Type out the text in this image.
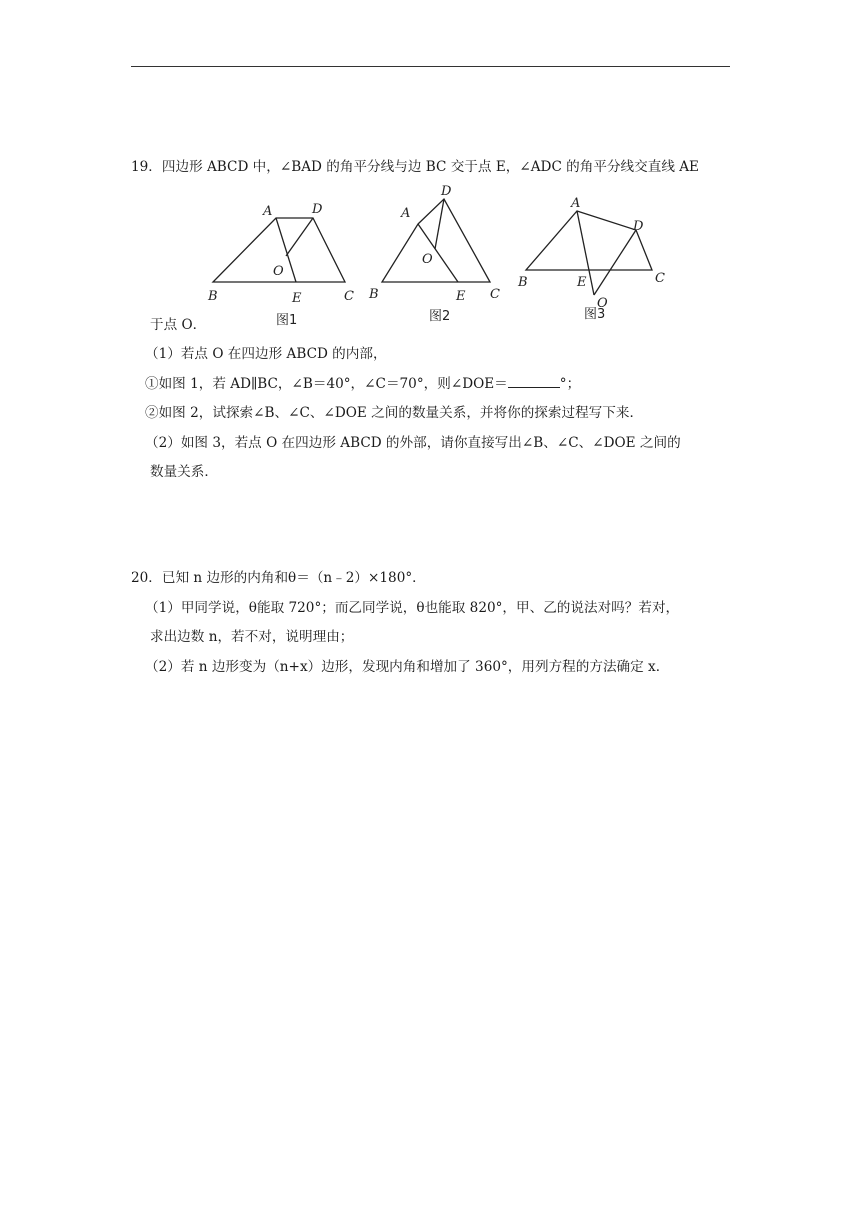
19．四边形 ABCD 中，∠BAD 的角平分线与边 BC 交于点 E，∠ADC 的角平分线交直线 AE
A	D
O
B	E	C
A
D
O
B	E C
A
D
B	E	C
O
图1	图2	图3
于点 O．
（1）若点 O 在四边形 ABCD 的内部，
①如图 1，若 AD∥BC，∠B＝40°，∠C＝70°，则∠DOE＝	°；
②如图 2，试探索∠B、∠C、∠DOE 之间的数量关系，并将你的探索过程写下来．
（2）如图 3，若点 O 在四边形 ABCD 的外部，请你直接写出∠B、∠C、∠DOE 之间的
数量关系．
20．已知 n 边形的内角和θ＝（n﹣2）×180°．
（1）甲同学说，θ能取 720°；而乙同学说，θ也能取 820°，甲、乙的说法对吗？若对，
求出边数 n，若不对，说明理由；
（2）若 n 边形变为（n+x）边形，发现内角和增加了 360°，用列方程的方法确定 x．
